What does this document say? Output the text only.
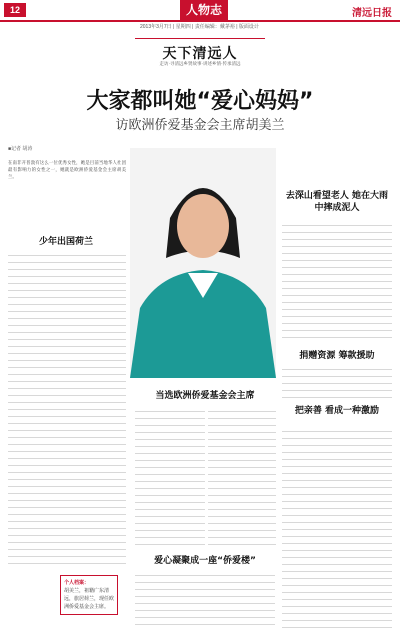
12	人物志	清远日报
2013年3月7日 | 星期四 | 责任编辑：戴茅裕 | 版面设计
天下清远人
走访·寻清远乡贤故事·讲述乡情·传承清远
大家都叫她“爱心妈妈”
访欧洲侨爱基金会主席胡美兰
■记者 胡涛
在南非开普敦有这么一位优秀女性，她是目前当地华人社团最有影响力的女性之一，她就是欧洲侨爱基金会主席胡美兰。
少年出国荷兰
当选欧洲侨爱基金会主席
爱心凝聚成一座“侨爱楼”
去深山看望老人 她在大雨中摔成泥人
捐赠资源 筹款援助
把亲善 看成一种激励
个人档案：
胡美兰，祖籍广东清远，旅居荷兰，现任欧洲侨爱基金会主席。
